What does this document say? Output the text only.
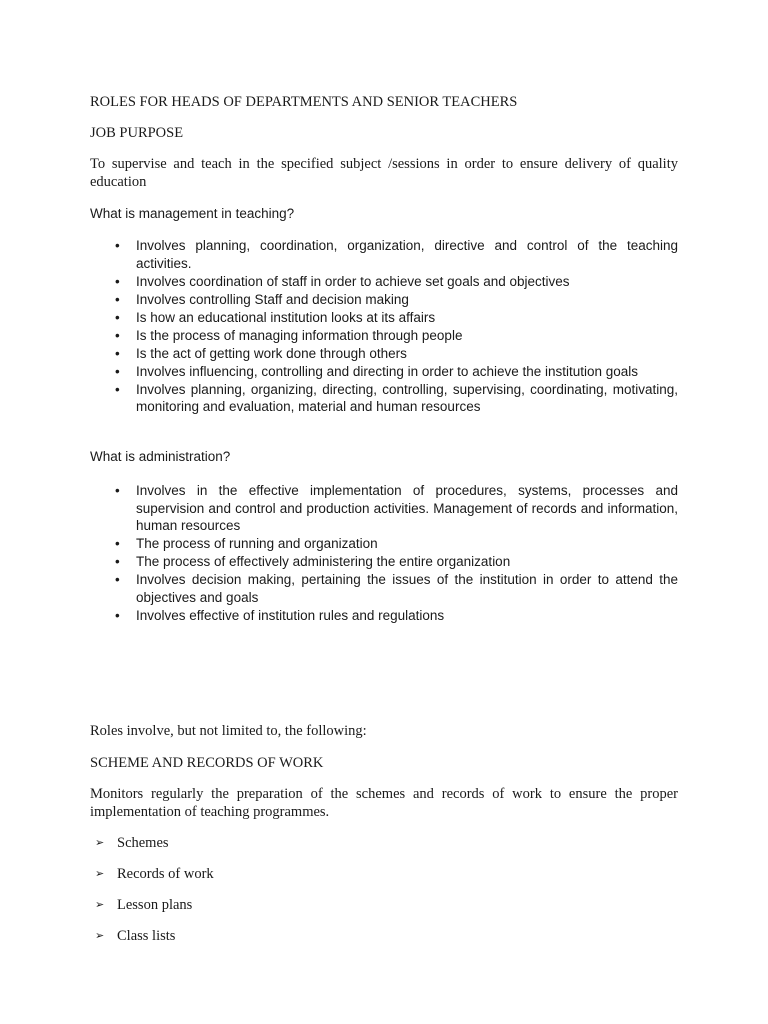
ROLES FOR HEADS OF DEPARTMENTS AND SENIOR TEACHERS
JOB PURPOSE
To supervise and teach in the specified subject /sessions in order to ensure delivery of quality education
What is management in teaching?
• Involves planning, coordination, organization, directive and control of the teaching activities.
• Involves coordination of staff in order to achieve set goals and objectives
• Involves controlling Staff and decision making
• Is how an educational institution looks at its affairs
• Is the process of managing information through people
• Is the act of getting work done through others
• Involves influencing, controlling and directing in order to achieve the institution goals
• Involves planning, organizing, directing, controlling, supervising, coordinating, motivating, monitoring and evaluation, material and human resources
What is administration?
• Involves in the effective implementation of procedures, systems, processes and supervision and control and production activities. Management of records and information, human resources
• The process of running and organization
• The process of effectively administering the entire organization
• Involves decision making, pertaining the issues of the institution in order to attend the objectives and goals
• Involves effective of institution rules and regulations
Roles involve, but not limited to, the following:
SCHEME AND RECORDS OF WORK
Monitors regularly the preparation of the schemes and records of work to ensure the proper implementation of teaching programmes.
➢ Schemes
➢ Records of work
➢ Lesson plans
➢ Class lists
